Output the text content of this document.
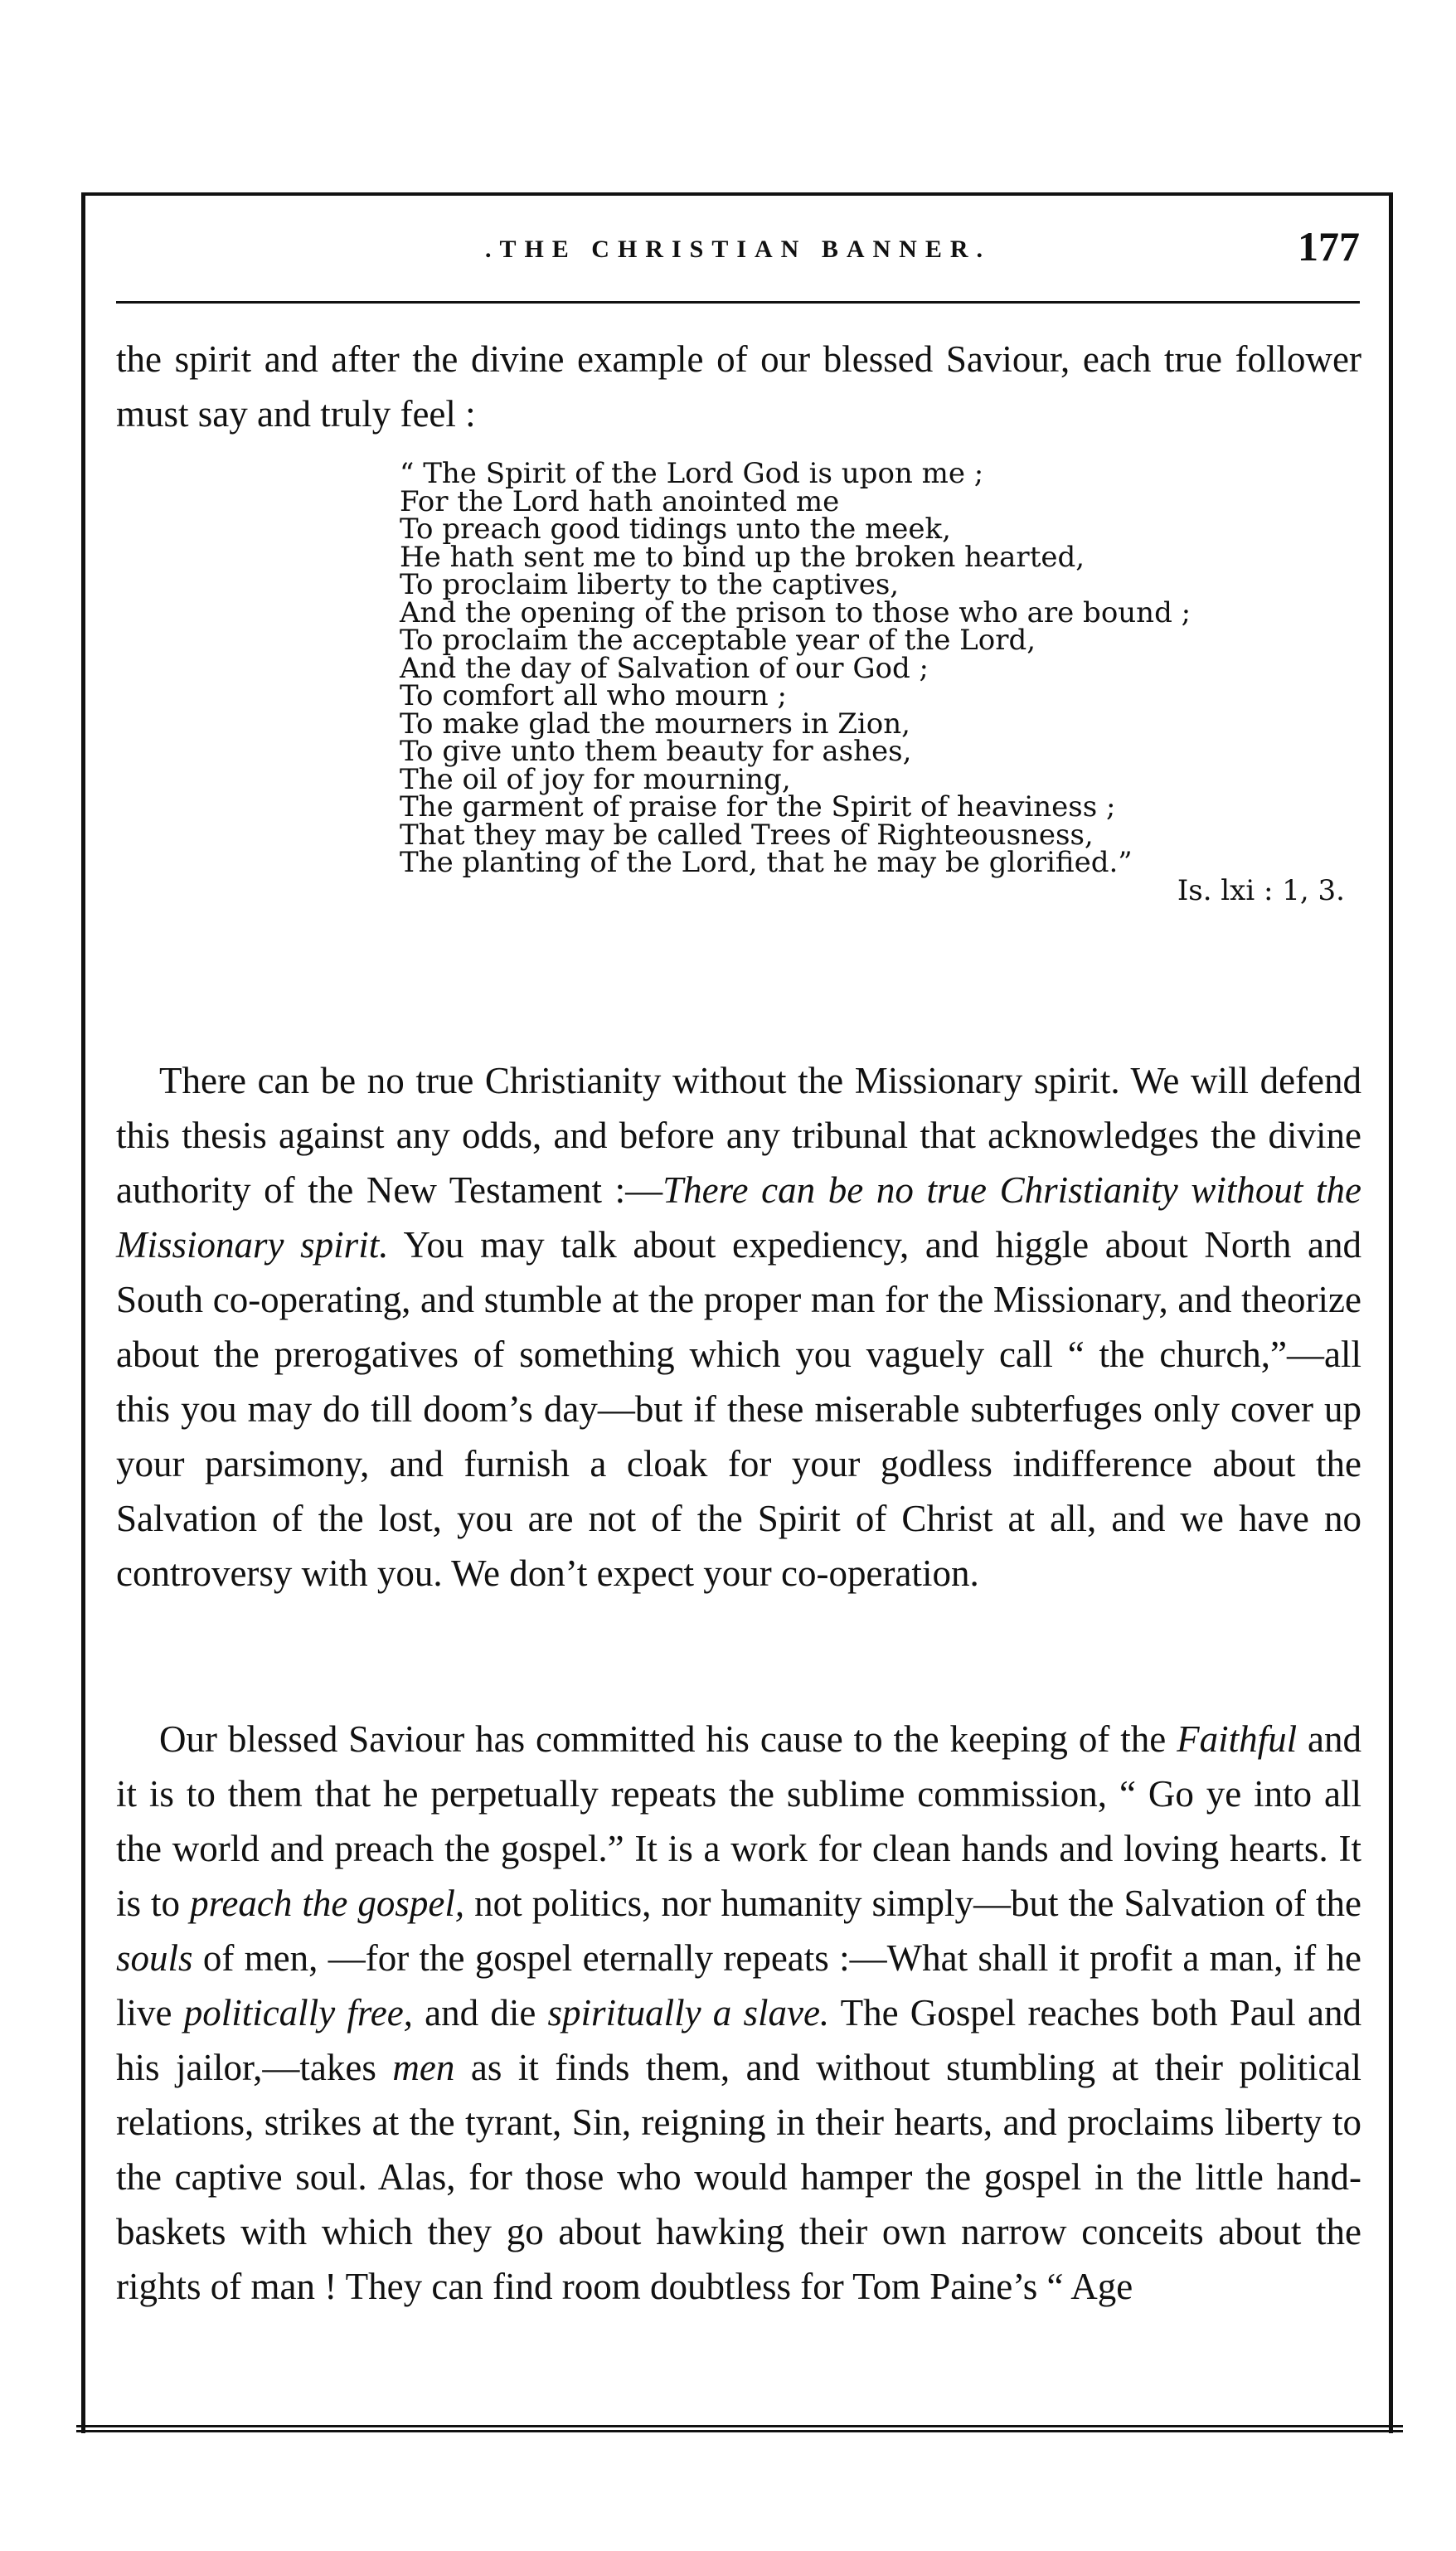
.THE CHRISTIAN BANNER.	177

the spirit and after the divine example of our blessed Saviour, each true follower must say and truly feel :

“ The Spirit of the Lord God is upon me ;
For the Lord hath anointed me
To preach good tidings unto the meek,
He hath sent me to bind up the broken hearted,
To proclaim liberty to the captives,
And the opening of the prison to those who are bound ;
To proclaim the acceptable year of the Lord,
And the day of Salvation of our God ;
To comfort all who mourn ;
To make glad the mourners in Zion,
To give unto them beauty for ashes,
The oil of joy for mourning,
The garment of praise for the Spirit of heaviness ;
That they may be called Trees of Righteousness,
The planting of the Lord, that he may be glorified.”
Is. lxi : 1, 3.

There can be no true Christianity without the Missionary spirit. We will defend this thesis against any odds, and before any tribunal that acknowledges the divine authority of the New Testament :—There can be no true Christianity without the Missionary spirit. You may talk about expediency, and higgle about North and South co-operating, and stumble at the proper man for the Missionary, and theorize about the prerogatives of something which you vaguely call “ the church,”—all this you may do till doom’s day—but if these miserable subterfuges only cover up your parsimony, and furnish a cloak for your godless indifference about the Salvation of the lost, you are not of the Spirit of Christ at all, and we have no controversy with you. We don’t expect your co-operation.

Our blessed Saviour has committed his cause to the keeping of the Faithful and it is to them that he perpetually repeats the sublime commission, “ Go ye into all the world and preach the gospel.” It is a work for clean hands and loving hearts. It is to preach the gospel, not politics, nor humanity simply—but the Salvation of the souls of men, —for the gospel eternally repeats :—What shall it profit a man, if he live politically free, and die spiritually a slave. The Gospel reaches both Paul and his jailor,—takes men as it finds them, and without stumbling at their political relations, strikes at the tyrant, Sin, reigning in their hearts, and proclaims liberty to the captive soul. Alas, for those who would hamper the gospel in the little hand-baskets with which they go about hawking their own narrow conceits about the rights of man ! They can find room doubtless for Tom Paine’s “ Age
